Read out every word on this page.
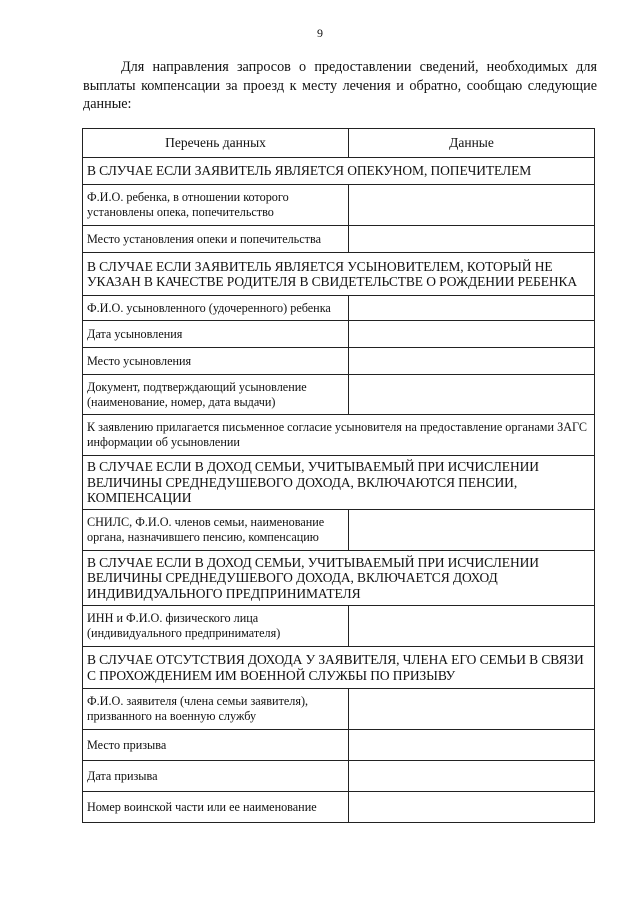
9

Для направления запросов о предоставлении сведений, необходимых для выплаты компенсации за проезд к месту лечения и обратно, сообщаю следующие данные:

Перечень данных	Данные
В СЛУЧАЕ ЕСЛИ ЗАЯВИТЕЛЬ ЯВЛЯЕТСЯ ОПЕКУНОМ, ПОПЕЧИТЕЛЕМ	
Ф.И.О. ребенка, в отношении которого установлены опека, попечительство	
Место установления опеки и попечительства	
В СЛУЧАЕ ЕСЛИ ЗАЯВИТЕЛЬ ЯВЛЯЕТСЯ УСЫНОВИТЕЛЕМ, КОТОРЫЙ НЕ УКАЗАН В КАЧЕСТВЕ РОДИТЕЛЯ В СВИДЕТЕЛЬСТВЕ О РОЖДЕНИИ РЕБЕНКА	
Ф.И.О. усыновленного (удочеренного) ребенка	
Дата усыновления	
Место усыновления	
Документ, подтверждающий усыновление (наименование, номер, дата выдачи)	
К заявлению прилагается письменное согласие усыновителя на предоставление органами ЗАГС информации об усыновлении	
В СЛУЧАЕ ЕСЛИ В ДОХОД СЕМЬИ, УЧИТЫВАЕМЫЙ ПРИ ИСЧИСЛЕНИИ ВЕЛИЧИНЫ СРЕДНЕДУШЕВОГО ДОХОДА, ВКЛЮЧАЮТСЯ ПЕНСИИ, КОМПЕНСАЦИИ	
СНИЛС, Ф.И.О. членов семьи, наименование органа, назначившего пенсию, компенсацию	
В СЛУЧАЕ ЕСЛИ В ДОХОД СЕМЬИ, УЧИТЫВАЕМЫЙ ПРИ ИСЧИСЛЕНИИ ВЕЛИЧИНЫ СРЕДНЕДУШЕВОГО ДОХОДА, ВКЛЮЧАЕТСЯ ДОХОД ИНДИВИДУАЛЬНОГО ПРЕДПРИНИМАТЕЛЯ	
ИНН и Ф.И.О. физического лица (индивидуального предпринимателя)	
В СЛУЧАЕ ОТСУТСТВИЯ ДОХОДА У ЗАЯВИТЕЛЯ, ЧЛЕНА ЕГО СЕМЬИ В СВЯЗИ С ПРОХОЖДЕНИЕМ ИМ ВОЕННОЙ СЛУЖБЫ ПО ПРИЗЫВУ	
Ф.И.О. заявителя (члена семьи заявителя), призванного на военную службу	
Место призыва	
Дата призыва	
Номер воинской части или ее наименование	
